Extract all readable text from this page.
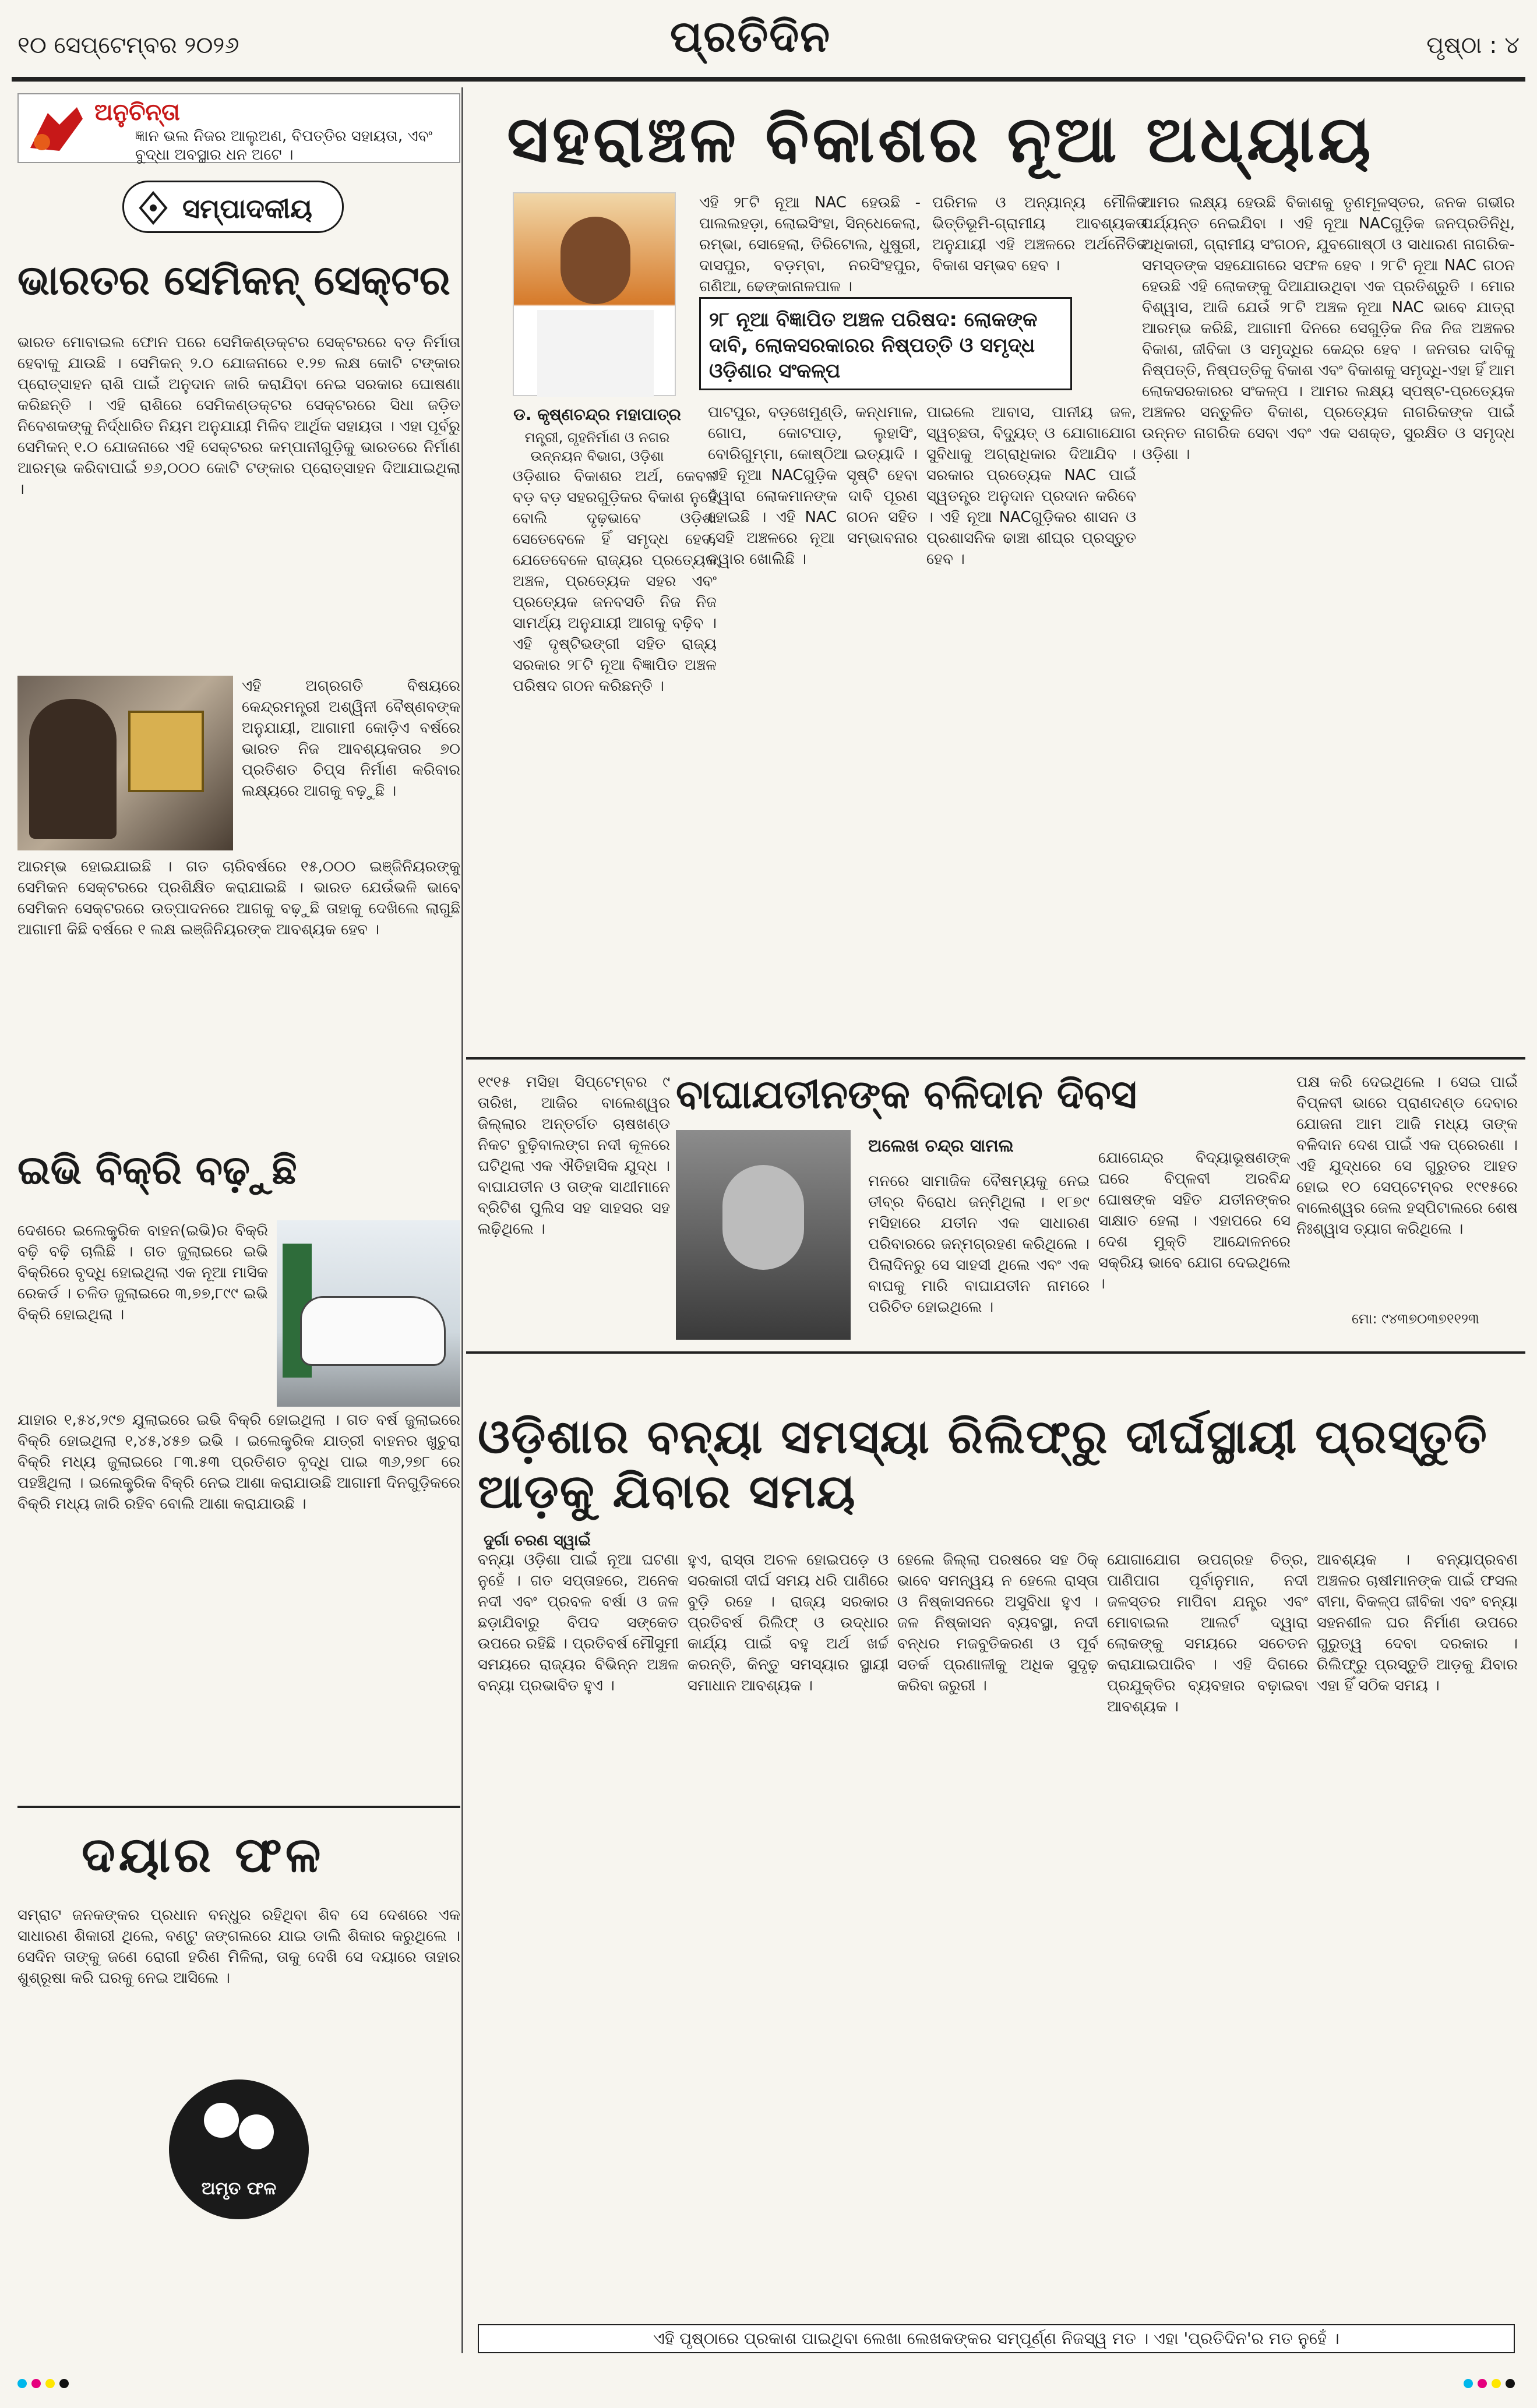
୧୦ ସେପ୍ଟେମ୍ବର ୨୦୨୬	ପ୍ରତିଦିନ	ପୃଷ୍ଠା : ୪
ଅନୁଚିନ୍ତା
ଜ୍ଞାନ ଭଲ ନିଜର ଆଲୁଅଣ, ବିପତ୍ତିର ସହାୟତା, ଏବଂ ବୁଦ୍ଧା ଅବସ୍ଥାର ଧନ ଅଟେ ।
ସମ୍ପାଦକୀୟ
ଭାରତର ସେମିକନ୍ ସେକ୍ଟର
ଭାରତ ମୋବାଇଲ ଫୋନ ପରେ ସେମିକଣ୍ଡକ୍ଟର ସେକ୍ଟରରେ ବଡ଼ ନିର୍ମାତା ହେବାକୁ ଯାଉଛି । ସେମିକନ୍ ୨.୦ ଯୋଜନାରେ ୧.୨୭ ଲକ୍ଷ କୋଟି ଟଙ୍କାର ପ୍ରୋତ୍ସାହନ ରାଶି ପାଇଁ ଅନୁଦାନ ଜାରି କରାଯିବା ନେଇ ସରକାର ଘୋଷଣା କରିଛନ୍ତି । ଏହି ରାଶିରେ ସେମିକଣ୍ଡକ୍ଟର ସେକ୍ଟରରେ ସିଧା ଜଡ଼ିତ ନିବେଶକଙ୍କୁ ନିର୍ଦ୍ଧାରିତ ନିୟମ ଅନୁଯାୟୀ ମିଳିବ ଆର୍ଥିକ ସହାୟତା । ଏହା ପୂର୍ବରୁ ସେମିକନ୍ ୧.୦ ଯୋଜନାରେ ଏହି ସେକ୍ଟରର କମ୍ପାନୀଗୁଡ଼ିକୁ ଭାରତରେ ନିର୍ମାଣ ଆରମ୍ଭ କରିବାପାଇଁ ୭୬,୦୦୦ କୋଟି ଟଙ୍କାର ପ୍ରୋତ୍ସାହନ ଦିଆଯାଇଥିଲା ।
ଏହି ଅଗ୍ରଗତି ବିଷୟରେ କେନ୍ଦ୍ରମନ୍ତ୍ରୀ ଅଶ୍ୱିନୀ ବୈଷ୍ଣବଙ୍କ ଅନୁଯାୟୀ, ଆଗାମୀ କୋଡ଼ିଏ ବର୍ଷରେ ଭାରତ ନିଜ ଆବଶ୍ୟକତାର ୭୦ ପ୍ରତିଶତ ଚିପ୍ସ ନିର୍ମାଣ କରିବାର ଲକ୍ଷ୍ୟରେ ଆଗକୁ ବଢ଼ୁଛି ।
ଆରମ୍ଭ ହୋଇଯାଇଛି । ଗତ ଚାରିବର୍ଷରେ ୧୫,୦୦୦ ଇଞ୍ଜିନିୟରଙ୍କୁ ସେମିକନ ସେକ୍ଟରରେ ପ୍ରଶିକ୍ଷିତ କରାଯାଇଛି । ଭାରତ ଯେଉଁଭଳି ଭାବେ ସେମିକନ ସେକ୍ଟରରେ ଉତ୍ପାଦନରେ ଆଗକୁ ବଢ଼ୁଛି ତାହାକୁ ଦେଖିଲେ ଲାଗୁଛି ଆଗାମୀ କିଛି ବର୍ଷରେ ୧ ଲକ୍ଷ ଇଞ୍ଜିନିୟରଙ୍କ ଆବଶ୍ୟକ ହେବ ।
ଇଭି ବିକ୍ରି ବଢ଼ୁଛି
ଦେଶରେ ଇଲେକ୍ଟ୍ରିକ ବାହନ(ଇଭି)ର ବିକ୍ରି ବଢ଼ି ବଢ଼ି ଚାଲିଛି । ଗତ ଜୁଲାଇରେ ଇଭି ବିକ୍ରିରେ ବୃଦ୍ଧି ହୋଇଥିଲା ଏକ ନୂଆ ମାସିକ ରେକର୍ଡ । ଚଳିତ ଜୁଲାଇରେ ୩,୭୭,୮୯୯ ଇଭି ବିକ୍ରି ହୋଇଥିଲା ।
ଯାହାର ୧,୫୪,୨୯୭ ଯୁଲାଇରେ ଇଭି ବିକ୍ରି ହୋଇଥିଲା । ଗତ ବର୍ଷ ଜୁଲାଇରେ ବିକ୍ରି ହୋଇଥିଲା ୧,୪୫,୪୫୭ ଇଭି । ଇଲେକ୍ଟ୍ରିକ ଯାତ୍ରୀ ବାହନର ଖୁଚୁରା ବିକ୍ରି ମଧ୍ୟ ଜୁଲାଇରେ ୮୩.୫୩ ପ୍ରତିଶତ ବୃଦ୍ଧି ପାଇ ୩୬,୨୭୮ ରେ ପହଞ୍ଚିଥିଲା । ଇଲେକ୍ଟ୍ରିକ ବିକ୍ରି ନେଇ ଆଶା କରାଯାଉଛି ଆଗାମୀ ଦିନଗୁଡ଼ିକରେ ବିକ୍ରି ମଧ୍ୟ ଜାରି ରହିବ ବୋଲି ଆଶା କରାଯାଉଛି ।
ଦୟାର ଫଳ
ସମ୍ରାଟ ଜନକଙ୍କର ପ୍ରଧାନ ବନ୍ଧୁର ରହିଥିବା ଶିବ ସେ ଦେଶରେ ଏକ ସାଧାରଣ ଶିକାରୀ ଥିଲେ, ବଣ୍ଟୁ ଜଙ୍ଗଲରେ ଯାଇ ଡାଲି ଶିକାର କରୁଥିଲେ । ସେଦିନ ତାଙ୍କୁ ଜଣେ ରୋଗୀ ହରିଣ ମିଳିଲା, ତାକୁ ଦେଖି ସେ ଦୟାରେ ତାହାର ଶୁଶ୍ରୂଷା କରି ଘରକୁ ନେଇ ଆସିଲେ ।
ଅମୃତ ଫଳ
ସହରାଞ୍ଚଳ ବିକାଶର ନୂଆ ଅଧ୍ୟାୟ
ଡ. କୃଷ୍ଣଚନ୍ଦ୍ର ମହାପାତ୍ର
ମନ୍ତ୍ରୀ, ଗୃହନିର୍ମାଣ ଓ ନଗର ଉନ୍ନୟନ ବିଭାଗ, ଓଡ଼ିଶା
ଏହି ୨୮ଟି ନୂଆ NAC ହେଉଛି - ପାଲଲହଡ଼ା, ଲୋଇସିଂହା, ସିନ୍ଧେକେଲା, ରମ୍ଭା, ସୋହେଲା, ତିରିଟୋଲ, ଧୁଷୁରୀ, ଦାସପୁର, ବଡ଼ମ୍ବା, ନରସିଂହପୁର, ଗଣିଆ, ଢେଙ୍କାନାଳପାଳ ।
ପରିମଳ ଓ ଅନ୍ୟାନ୍ୟ ମୌଳିକ ଭିତ୍ତିଭୂମି-ଗ୍ରାମୀୟ ଆବଶ୍ୟକତା ଅନୁଯାୟୀ ଏହି ଅଞ୍ଚଳରେ ଅର୍ଥନୈତିକ ବିକାଶ ସମ୍ଭବ ହେବ ।
୨୮ ନୂଆ ବିଜ୍ଞାପିତ ଅଞ୍ଚଳ ପରିଷଦ: ଲୋକଙ୍କ ଦାବି, ଲୋକସରକାରର ନିଷ୍ପତ୍ତି ଓ ସମୃଦ୍ଧ ଓଡ଼ିଶାର ସଂକଳ୍ପ
ଆମର ଲକ୍ଷ୍ୟ ହେଉଛି ବିକାଶକୁ ତୃଣମୂଳସ୍ତର, ଜନକ ଗଭୀର ପର୍ଯ୍ୟନ୍ତ ନେଇଯିବା । ଏହି ନୂଆ NACଗୁଡ଼ିକ ଜନପ୍ରତିନିଧି, ଅଧିକାରୀ, ଗ୍ରାମୀୟ ସଂଗଠନ, ଯୁବଗୋଷ୍ଠୀ ଓ ସାଧାରଣ ନାଗରିକ- ସମସ୍ତଙ୍କ ସହଯୋଗରେ ସଫଳ ହେବ । ୨୮ଟି ନୂଆ NAC ଗଠନ ହେଉଛି ଏହି ଲୋକଙ୍କୁ ଦିଆଯାଉଥିବା ଏକ ପ୍ରତିଶ୍ରୁତି । ମୋର ବିଶ୍ୱାସ, ଆଜି ଯେଉଁ ୨୮ଟି ଅଞ୍ଚଳ ନୂଆ NAC ଭାବେ ଯାତ୍ରା ଆରମ୍ଭ କରିଛି, ଆଗାମୀ ଦିନରେ ସେଗୁଡ଼ିକ ନିଜ ନିଜ ଅଞ୍ଚଳର ବିକାଶ, ଜୀବିକା ଓ ସମୃଦ୍ଧିର କେନ୍ଦ୍ର ହେବ । ଜନତାର ଦାବିକୁ ନିଷ୍ପତ୍ତି, ନିଷ୍ପତ୍ତିକୁ ବିକାଶ ଏବଂ ବିକାଶକୁ ସମୃଦ୍ଧି-ଏହା ହିଁ ଆମ ଲୋକସରକାରର ସଂକଳ୍ପ । ଆମର ଲକ୍ଷ୍ୟ ସ୍ପଷ୍ଟ-ପ୍ରତ୍ୟେକ ଅଞ୍ଚଳର ସନ୍ତୁଳିତ ବିକାଶ, ପ୍ରତ୍ୟେକ ନାଗରିକଙ୍କ ପାଇଁ ଉନ୍ନତ ନାଗରିକ ସେବା ଏବଂ ଏକ ସଶକ୍ତ, ସୁରକ୍ଷିତ ଓ ସମୃଦ୍ଧ ଓଡ଼ିଶା ।
ଓଡ଼ିଶାର ବିକାଶର ଅର୍ଥ, କେବଳ ବଡ଼ ବଡ଼ ସହରଗୁଡ଼ିକର ବିକାଶ ନୁହେଁ ବୋଲି ଦୃଢ଼ଭାବେ ଓଡ଼ିଶା ସେତେବେଳେ ହିଁ ସମୃଦ୍ଧ ହେବ, ଯେତେବେଳେ ରାଜ୍ୟର ପ୍ରତ୍ୟେକ ଅଞ୍ଚଳ, ପ୍ରତ୍ୟେକ ସହର ଏବଂ ପ୍ରତ୍ୟେକ ଜନବସତି ନିଜ ନିଜ ସାମର୍ଥ୍ୟ ଅନୁଯାୟୀ ଆଗକୁ ବଢ଼ିବ । ଏହି ଦୃଷ୍ଟିଭଙ୍ଗୀ ସହିତ ରାଜ୍ୟ ସରକାର ୨୮ଟି ନୂଆ ବିଜ୍ଞାପିତ ଅଞ୍ଚଳ ପରିଷଦ ଗଠନ କରିଛନ୍ତି ।
ପାଟପୁର, ବଡ଼ଖେମୁଣ୍ଡି, କନ୍ଧମାଳ, ଗୋପ, କୋଟପାଡ଼, ଲୁହାସିଂ, ବୋରିଗୁମ୍ମା, କୋଷ୍ଠିଆ ଇତ୍ୟାଦି । ଏହି ନୂଆ NACଗୁଡ଼ିକ ସୃଷ୍ଟି ହେବା ଦ୍ୱାରା ଲୋକମାନଙ୍କ ଦାବି ପୂରଣ ହୋଇଛି । ଏହି NAC ଗଠନ ସହିତ ସେହି ଅଞ୍ଚଳରେ ନୂଆ ସମ୍ଭାବନାର ଦ୍ୱାର ଖୋଲିଛି ।
ପାଇଲେ ଆବାସ, ପାନୀୟ ଜଳ, ସ୍ୱଚ୍ଛତା, ବିଦ୍ୟୁତ୍ ଓ ଯୋଗାଯୋଗ ସୁବିଧାକୁ ଅଗ୍ରାଧିକାର ଦିଆଯିବ । ସରକାର ପ୍ରତ୍ୟେକ NAC ପାଇଁ ସ୍ୱତନ୍ତ୍ର ଅନୁଦାନ ପ୍ରଦାନ କରିବେ । ଏହି ନୂଆ NACଗୁଡ଼ିକର ଶାସନ ଓ ପ୍ରଶାସନିକ ଢାଞ୍ଚା ଶୀଘ୍ର ପ୍ରସ୍ତୁତ ହେବ ।
୧୯୧୫ ମସିହା ସିପ୍ଟେମ୍ବର ୯ ତାରିଖ, ଆଜିର ବାଲେଶ୍ୱର ଜିଲ୍ଲାର ଅନ୍ତର୍ଗତ ଚାଷଖଣ୍ଡ ନିକଟ ବୁଢ଼ିବାଲଙ୍ଗ ନଦୀ କୂଳରେ ଘଟିଥିଲା ଏକ ଐତିହାସିକ ଯୁଦ୍ଧ । ବାଘାଯତୀନ ଓ ତାଙ୍କ ସାଥୀମାନେ ବ୍ରିଟିଶ ପୁଲିସ ସହ ସାହସର ସହ ଲଢ଼ିଥିଲେ ।
ବାଘାଯତୀନଙ୍କ ବଳିଦାନ ଦିବସ
ଅଲେଖ ଚନ୍ଦ୍ର ସାମଲ
ମନରେ ସାମାଜିକ ବୈଷମ୍ୟକୁ ନେଇ ତୀବ୍ର ବିରୋଧ ଜନ୍ମିଥିଲା । ୧୮୭୯ ମସିହାରେ ଯତୀନ ଏକ ସାଧାରଣ ପରିବାରରେ ଜନ୍ମଗ୍ରହଣ କରିଥିଲେ । ପିଲାଦିନରୁ ସେ ସାହସୀ ଥିଲେ ଏବଂ ଏକ ବାଘକୁ ମାରି ବାଘାଯତୀନ ନାମରେ ପରିଚିତ ହୋଇଥିଲେ ।
ଯୋଗେନ୍ଦ୍ର ବିଦ୍ୟାଭୂଷଣଙ୍କ ଘରେ ବିପ୍ଳବୀ ଅରବିନ୍ଦ ଘୋଷଙ୍କ ସହିତ ଯତୀନଙ୍କର ସାକ୍ଷାତ ହେଲା । ଏହାପରେ ସେ ଦେଶ ମୁକ୍ତି ଆନ୍ଦୋଳନରେ ସକ୍ରିୟ ଭାବେ ଯୋଗ ଦେଇଥିଲେ ।
ପକ୍ଷ କରି ଦେଇଥିଲେ । ସେଇ ପାଇଁ ବିପ୍ଳବୀ ଭାରେ ପ୍ରାଣଦଣ୍ଡ ଦେବାର ଯୋଜନା ଆମ ଆଜି ମଧ୍ୟ ତାଙ୍କ ବଳିଦାନ ଦେଶ ପାଇଁ ଏକ ପ୍ରେରଣା । ଏହି ଯୁଦ୍ଧରେ ସେ ଗୁରୁତର ଆହତ ହୋଇ ୧୦ ସେପ୍ଟେମ୍ବର ୧୯୧୫ରେ ବାଲେଶ୍ୱର ଜେଲ ହସ୍ପିଟାଲରେ ଶେଷ ନିଃଶ୍ୱାସ ତ୍ୟାଗ କରିଥିଲେ ।
ମୋ: ୯୪୩୭୦୩୭୧୧୨୩
ଓଡ଼ିଶାର ବନ୍ୟା ସମସ୍ୟା ରିଲିଫ୍‌ରୁ ଦୀର୍ଘସ୍ଥାୟୀ ପ୍ରସ୍ତୁତି ଆଡ଼କୁ ଯିବାର ସମୟ
ଦୁର୍ଗା ଚରଣ ସ୍ୱାଇଁ
ବନ୍ୟା ଓଡ଼ିଶା ପାଇଁ ନୂଆ ଘଟଣା ନୁହେଁ । ଗତ ସପ୍ତାହରେ, ଅନେକ ନଦୀ ଏବଂ ପ୍ରବଳ ବର୍ଷା ଓ ଜଳ ଛଡ଼ାଯିବାରୁ ବିପଦ ସଙ୍କେତ ଉପରେ ରହିଛି । ପ୍ରତିବର୍ଷ ମୌସୁମୀ ସମୟରେ ରାଜ୍ୟର ବିଭିନ୍ନ ଅଞ୍ଚଳ ବନ୍ୟା ପ୍ରଭାବିତ ହୁଏ ।
ହୁଏ, ରାସ୍ତା ଅଚଳ ହୋଇପଡ଼େ ଓ ସରକାରୀ ଦୀର୍ଘ ସମୟ ଧରି ପାଣିରେ ବୁଡ଼ି ରହେ । ରାଜ୍ୟ ସରକାର ପ୍ରତିବର୍ଷ ରିଲିଫ୍ ଓ ଉଦ୍ଧାର କାର୍ଯ୍ୟ ପାଇଁ ବହୁ ଅର୍ଥ ଖର୍ଚ୍ଚ କରନ୍ତି, କିନ୍ତୁ ସମସ୍ୟାର ସ୍ଥାୟୀ ସମାଧାନ ଆବଶ୍ୟକ ।
ହେଲେ ଜିଲ୍ଲା ପରଷରେ ସହ ଠିକ୍ ଭାବେ ସମନ୍ୱୟ ନ ହେଲେ ରାସ୍ତା ଓ ନିଷ୍କାସନରେ ଅସୁବିଧା ହୁଏ । ଜଳ ନିଷ୍କାସନ ବ୍ୟବସ୍ଥା, ନଦୀ ବନ୍ଧର ମଜବୁତିକରଣ ଓ ପୂର୍ବ ସତର୍କ ପ୍ରଣାଳୀକୁ ଅଧିକ ସୁଦୃଢ଼ କରିବା ଜରୁରୀ ।
ଯୋଗାଯୋଗ ଉପଗ୍ରହ ଚିତ୍ର, ପାଣିପାଗ ପୂର୍ବାନୁମାନ, ନଦୀ ଜଳସ୍ତର ମାପିବା ଯନ୍ତ୍ର ଏବଂ ମୋବାଇଲ ଆଲର୍ଟ ଦ୍ୱାରା ଲୋକଙ୍କୁ ସମୟରେ ସଚେତନ କରାଯାଇପାରିବ । ଏହି ଦିଗରେ ପ୍ରଯୁକ୍ତିର ବ୍ୟବହାର ବଢ଼ାଇବା ଆବଶ୍ୟକ ।
ଆବଶ୍ୟକ । ବନ୍ୟାପ୍ରବଣ ଅଞ୍ଚଳର ଚାଷୀମାନଙ୍କ ପାଇଁ ଫସଲ ବୀମା, ବିକଳ୍ପ ଜୀବିକା ଏବଂ ବନ୍ୟା ସହନଶୀଳ ଘର ନିର୍ମାଣ ଉପରେ ଗୁରୁତ୍ୱ ଦେବା ଦରକାର । ରିଲିଫ୍‌ରୁ ପ୍ରସ୍ତୁତି ଆଡ଼କୁ ଯିବାର ଏହା ହିଁ ସଠିକ ସମୟ ।
ଏହି ପୃଷ୍ଠାରେ ପ୍ରକାଶ ପାଇଥିବା ଲେଖା ଲେଖକଙ୍କର ସମ୍ପୂର୍ଣ୍ଣ ନିଜସ୍ୱ ମତ । ଏହା 'ପ୍ରତିଦିନ'ର ମତ ନୁହେଁ ।
